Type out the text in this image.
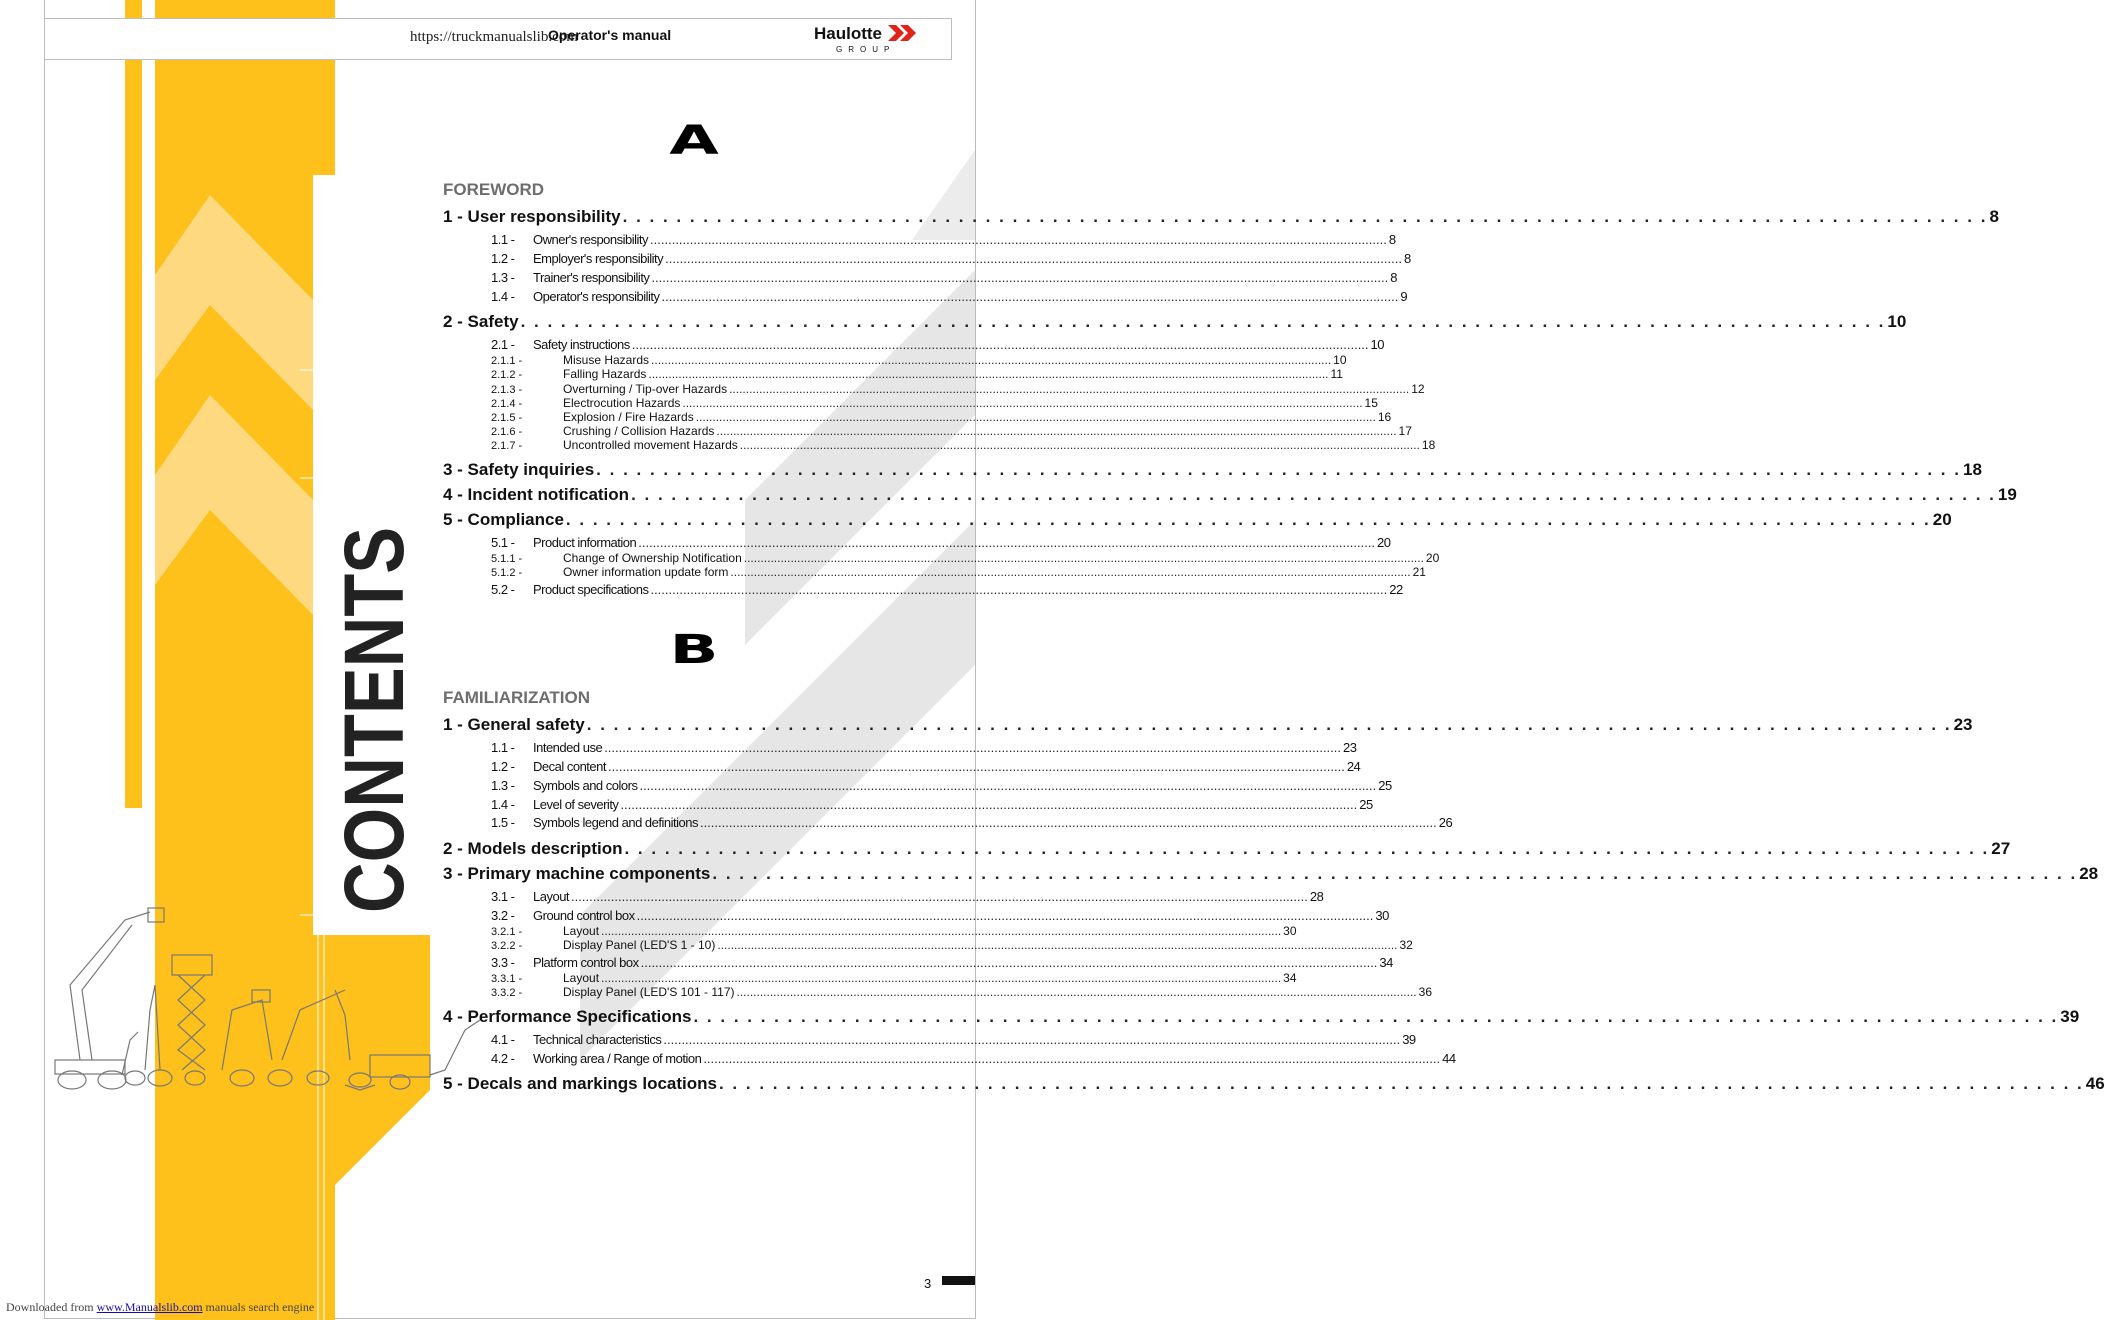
https://truckmanualslib.com
Operator's manual	Haulotte
GROUP
CONTENTS
A
FOREWORD
1 - User responsibility . . .	8
1.1 -	Owner's responsibility .....	8
1.2 -	Employer's responsibility .....	8
1.3 -	Trainer's responsibility .....	8
1.4 -	Operator's responsibility .....	9
2 - Safety . . .	10
2.1 -	Safety instructions .....	10
2.1.1 -	Misuse Hazards .....	10
2.1.2 -	Falling Hazards .....	11
2.1.3 -	Overturning / Tip-over Hazards .....	12
2.1.4 -	Electrocution Hazards .....	15
2.1.5 -	Explosion / Fire Hazards .....	16
2.1.6 -	Crushing / Collision Hazards .....	17
2.1.7 -	Uncontrolled movement Hazards .....	18
3 - Safety inquiries . . .	18
4 - Incident notification . . .	19
5 - Compliance . . .	20
5.1 -	Product information .....	20
5.1.1 -	Change of Ownership Notification .....	20
5.1.2 -	Owner information update form .....	21
5.2 -	Product specifications .....	22
B
FAMILIARIZATION
1 - General safety . . .	23
1.1 -	Intended use .....	23
1.2 -	Decal content .....	24
1.3 -	Symbols and colors .....	25
1.4 -	Level of severity .....	25
1.5 -	Symbols legend and definitions .....	26
2 - Models description . . .	27
3 - Primary machine components . . .	28
3.1 -	Layout .....	28
3.2 -	Ground control box .....	30
3.2.1 -	Layout .....	30
3.2.2 -	Display Panel (LED'S 1 - 10) .....	32
3.3 -	Platform control box .....	34
3.3.1 -	Layout .....	34
3.3.2 -	Display Panel (LED'S 101 - 117) .....	36
4 - Performance Specifications . . .	39
4.1 -	Technical characteristics .....	39
4.2 -	Working area / Range of motion .....	44
5 - Decals and markings locations . . .	46
3
Downloaded from www.Manualslib.com manuals search engine
